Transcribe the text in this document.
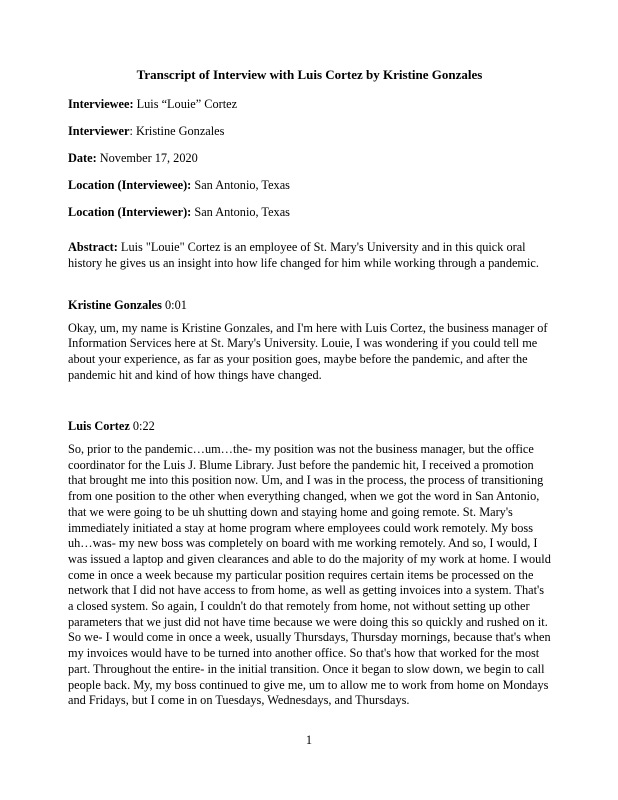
Transcript of Interview with Luis Cortez by Kristine Gonzales

Interviewee: Luis “Louie” Cortez

Interviewer: Kristine Gonzales

Date: November 17, 2020

Location (Interviewee): San Antonio, Texas

Location (Interviewer): San Antonio, Texas

Abstract: Luis "Louie" Cortez is an employee of St. Mary's University and in this quick oral history he gives us an insight into how life changed for him while working through a pandemic.

Kristine Gonzales 0:01

Okay, um, my name is Kristine Gonzales, and I'm here with Luis Cortez, the business manager of Information Services here at St. Mary's University. Louie, I was wondering if you could tell me about your experience, as far as your position goes, maybe before the pandemic, and after the pandemic hit and kind of how things have changed.

Luis Cortez 0:22

So, prior to the pandemic…um…the- my position was not the business manager, but the office coordinator for the Luis J. Blume Library. Just before the pandemic hit, I received a promotion that brought me into this position now. Um, and I was in the process, the process of transitioning from one position to the other when everything changed, when we got the word in San Antonio, that we were going to be uh shutting down and staying home and going remote. St. Mary's immediately initiated a stay at home program where employees could work remotely. My boss uh…was- my new boss was completely on board with me working remotely. And so, I would, I was issued a laptop and given clearances and able to do the majority of my work at home. I would come in once a week because my particular position requires certain items be processed on the network that I did not have access to from home, as well as getting invoices into a system. That's a closed system. So again, I couldn't do that remotely from home, not without setting up other parameters that we just did not have time because we were doing this so quickly and rushed on it. So we- I would come in once a week, usually Thursdays, Thursday mornings, because that's when my invoices would have to be turned into another office. So that's how that worked for the most part. Throughout the entire- in the initial transition. Once it began to slow down, we begin to call people back. My, my boss continued to give me, um to allow me to work from home on Mondays and Fridays, but I come in on Tuesdays, Wednesdays, and Thursdays.

1
